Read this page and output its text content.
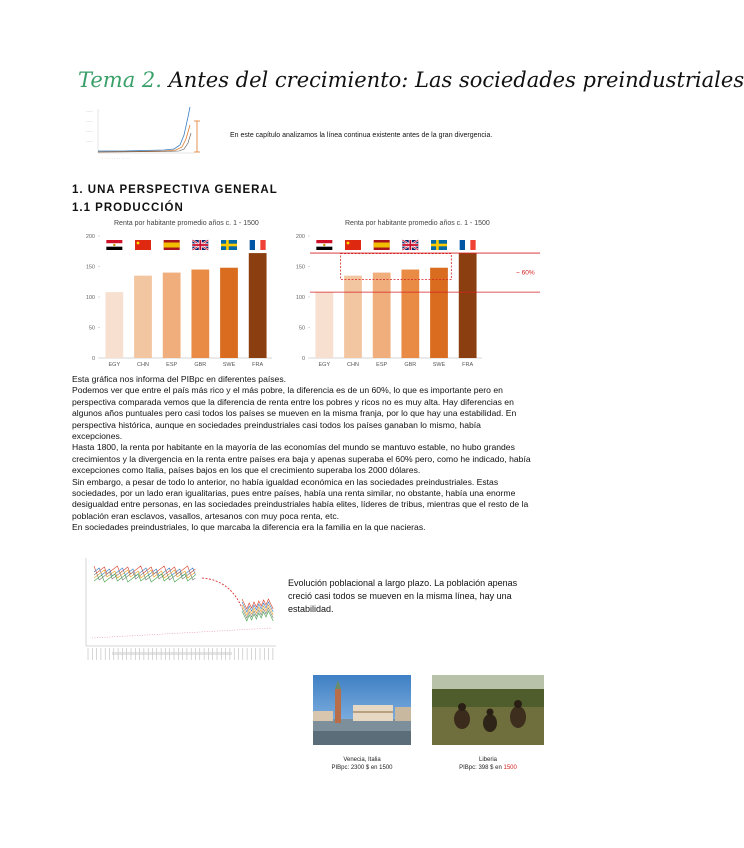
Tema 2. Antes del crecimiento: Las sociedades preindustriales
·····
·····
·····
·····
· · · · · · · · · · · ·
En este capítulo analizamos la línea continua existente antes de la gran divergencia.
1. UNA PERSPECTIVA GENERAL
1.1 PRODUCCIÓN
Renta por habitante promedio años c. 1 - 1500
0
50
100
150
200
EGY	CHN	ESP	GBR	SWE	FRA
Renta por habitante promedio años c. 1 - 1500
0
50
100
150
200
EGY	CHN	ESP	GBR	SWE	FRA
~ 60%

Esta gráfica nos informa del PIBpc en diferentes países.

Podemos ver que entre el país más rico y el más pobre, la diferencia es de un 60%, lo que es importante pero en perspectiva comparada vemos que la diferencia de renta entre los pobres y ricos no es muy alta. Hay diferencias en algunos años puntuales pero casi todos los países se mueven en la misma franja, por lo que hay una estabilidad. En perspectiva histórica, aunque en sociedades preindustriales casi todos los países ganaban lo mismo, había excepciones.

Hasta 1800, la renta por habitante en la mayoría de las economías del mundo se mantuvo estable, no hubo grandes crecimientos y la divergencia en la renta entre países era baja y apenas superaba el 60% pero, como he indicado, había excepciones como Italia, países bajos en los que el crecimiento superaba los 2000 dólares.

Sin embargo, a pesar de todo lo anterior, no había igualdad económica en las sociedades preindustriales. Estas sociedades, por un lado eran igualitarias, pues entre países, había una renta similar, no obstante, había una enorme desigualdad entre personas, en las sociedades preindustriales había elites, líderes de tribus, mientras que el resto de la población eran esclavos, vasallos, artesanos con muy poca renta, etc.

En sociedades preindustriales, lo que marcaba la diferencia era la familia en la que nacieras.

Evolución poblacional a largo plazo. La población apenas creció casi todos se mueven en la misma línea, hay una estabilidad.
Venecia, Italia
PIBpc: 2300 $ en 1500
Liberia
PIBpc: 398 $ en 1500
